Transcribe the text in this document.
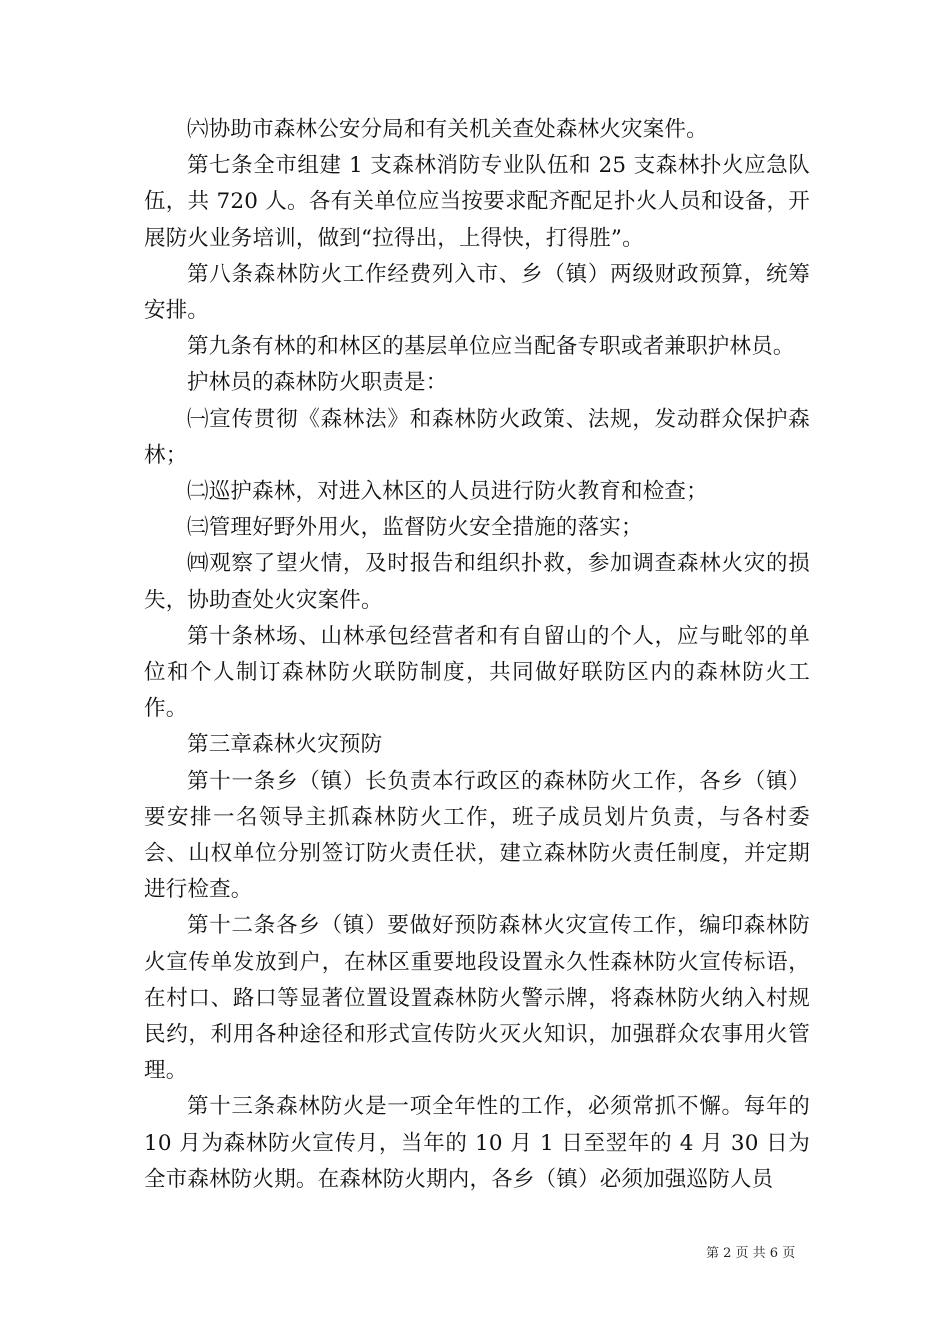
㈥协助市森林公安分局和有关机关查处森林火灾案件。

第七条全市组建 1 支森林消防专业队伍和 25 支森林扑火应急队伍，共 720 人。各有关单位应当按要求配齐配足扑火人员和设备，开展防火业务培训，做到“拉得出，上得快，打得胜”。

第八条森林防火工作经费列入市、乡（镇）两级财政预算，统筹安排。

第九条有林的和林区的基层单位应当配备专职或者兼职护林员。

护林员的森林防火职责是：

㈠宣传贯彻《森林法》和森林防火政策、法规，发动群众保护森林；

㈡巡护森林，对进入林区的人员进行防火教育和检查；

㈢管理好野外用火，监督防火安全措施的落实；

㈣观察了望火情，及时报告和组织扑救，参加调查森林火灾的损失，协助查处火灾案件。

第十条林场、山林承包经营者和有自留山的个人，应与毗邻的单位和个人制订森林防火联防制度，共同做好联防区内的森林防火工作。

第三章森林火灾预防

第十一条乡（镇）长负责本行政区的森林防火工作，各乡（镇）要安排一名领导主抓森林防火工作，班子成员划片负责，与各村委会、山权单位分别签订防火责任状，建立森林防火责任制度，并定期进行检查。

第十二条各乡（镇）要做好预防森林火灾宣传工作，编印森林防火宣传单发放到户，在林区重要地段设置永久性森林防火宣传标语，在村口、路口等显著位置设置森林防火警示牌，将森林防火纳入村规民约，利用各种途径和形式宣传防火灭火知识，加强群众农事用火管理。

第十三条森林防火是一项全年性的工作，必须常抓不懈。每年的 10 月为森林防火宣传月，当年的 10 月 1 日至翌年的 4 月 30 日为全市森林防火期。在森林防火期内，各乡（镇）必须加强巡防人员

第 2 页 共 6 页
